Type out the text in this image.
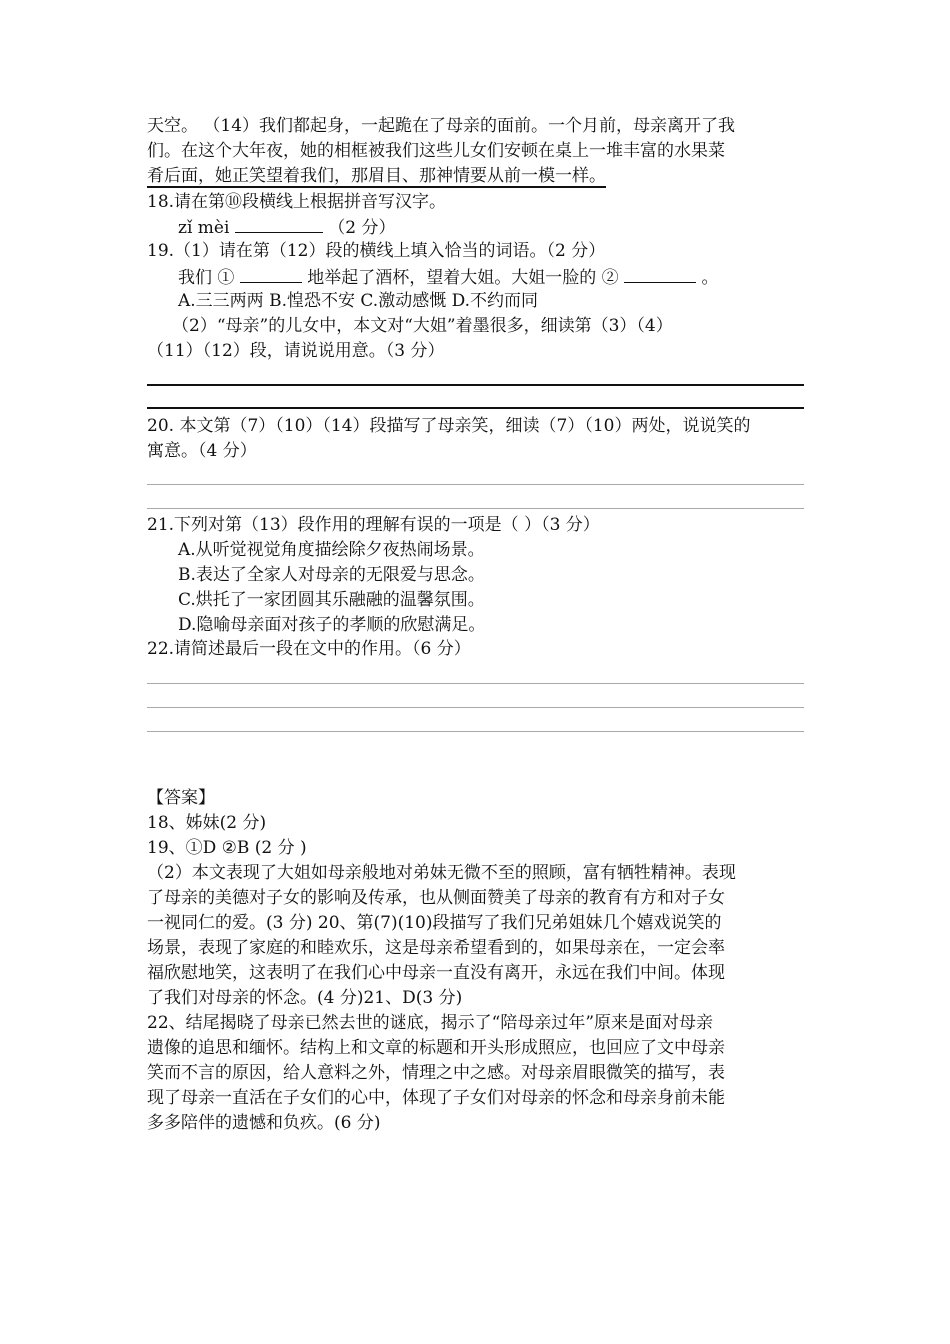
天空。 （14）我们都起身，一起跪在了母亲的面前。一个月前，母亲离开了我
们。在这个大年夜，她的相框被我们这些儿女们安顿在桌上一堆丰富的水果菜
肴后面，她正笑望着我们，那眉目、那神情要从前一模一样。
18.请在第⑩段横线上根据拼音写汉字。
zǐ mèi	（2 分）
19.（1）请在第（12）段的横线上填入恰当的词语。（2 分）
我们 ①	地举起了酒杯，望着大姐。大姐一脸的 ②	。
A.三三两两 B.惶恐不安 C.激动感慨 D.不约而同
（2）“母亲”的儿女中，本文对“大姐”着墨很多，细读第（3）（4）
（11）（12）段，请说说用意。（3 分）
20. 本文第（7）（10）（14）段描写了母亲笑，细读（7）（10）两处，说说笑的
寓意。（4 分）
21.下列对第（13）段作用的理解有误的一项是（ ）（3 分）
A.从听觉视觉角度描绘除夕夜热闹场景。
B.表达了全家人对母亲的无限爱与思念。
C.烘托了一家团圆其乐融融的温馨氛围。
D.隐喻母亲面对孩子的孝顺的欣慰满足。
22.请简述最后一段在文中的作用。（6 分）
【答案】
18、姊妹(2 分)
19、①D ②B (2 分 )
（2）本文表现了大姐如母亲般地对弟妹无微不至的照顾，富有牺牲精神。表现
了母亲的美德对子女的影响及传承，也从侧面赞美了母亲的教育有方和对子女
一视同仁的爱。(3 分) 20、第(7)(10)段描写了我们兄弟姐妹几个嬉戏说笑的
场景，表现了家庭的和睦欢乐，这是母亲希望看到的，如果母亲在，一定会率
福欣慰地笑，这表明了在我们心中母亲一直没有离开，永远在我们中间。体现
了我们对母亲的怀念。(4 分)21、D(3 分)
22、结尾揭晓了母亲已然去世的谜底，揭示了“陪母亲过年”原来是面对母亲
遗像的追思和缅怀。结构上和文章的标题和开头形成照应，也回应了文中母亲
笑而不言的原因，给人意料之外，情理之中之感。对母亲眉眼微笑的描写，表
现了母亲一直活在子女们的心中，体现了子女们对母亲的怀念和母亲身前未能
多多陪伴的遗憾和负疚。(6 分)
